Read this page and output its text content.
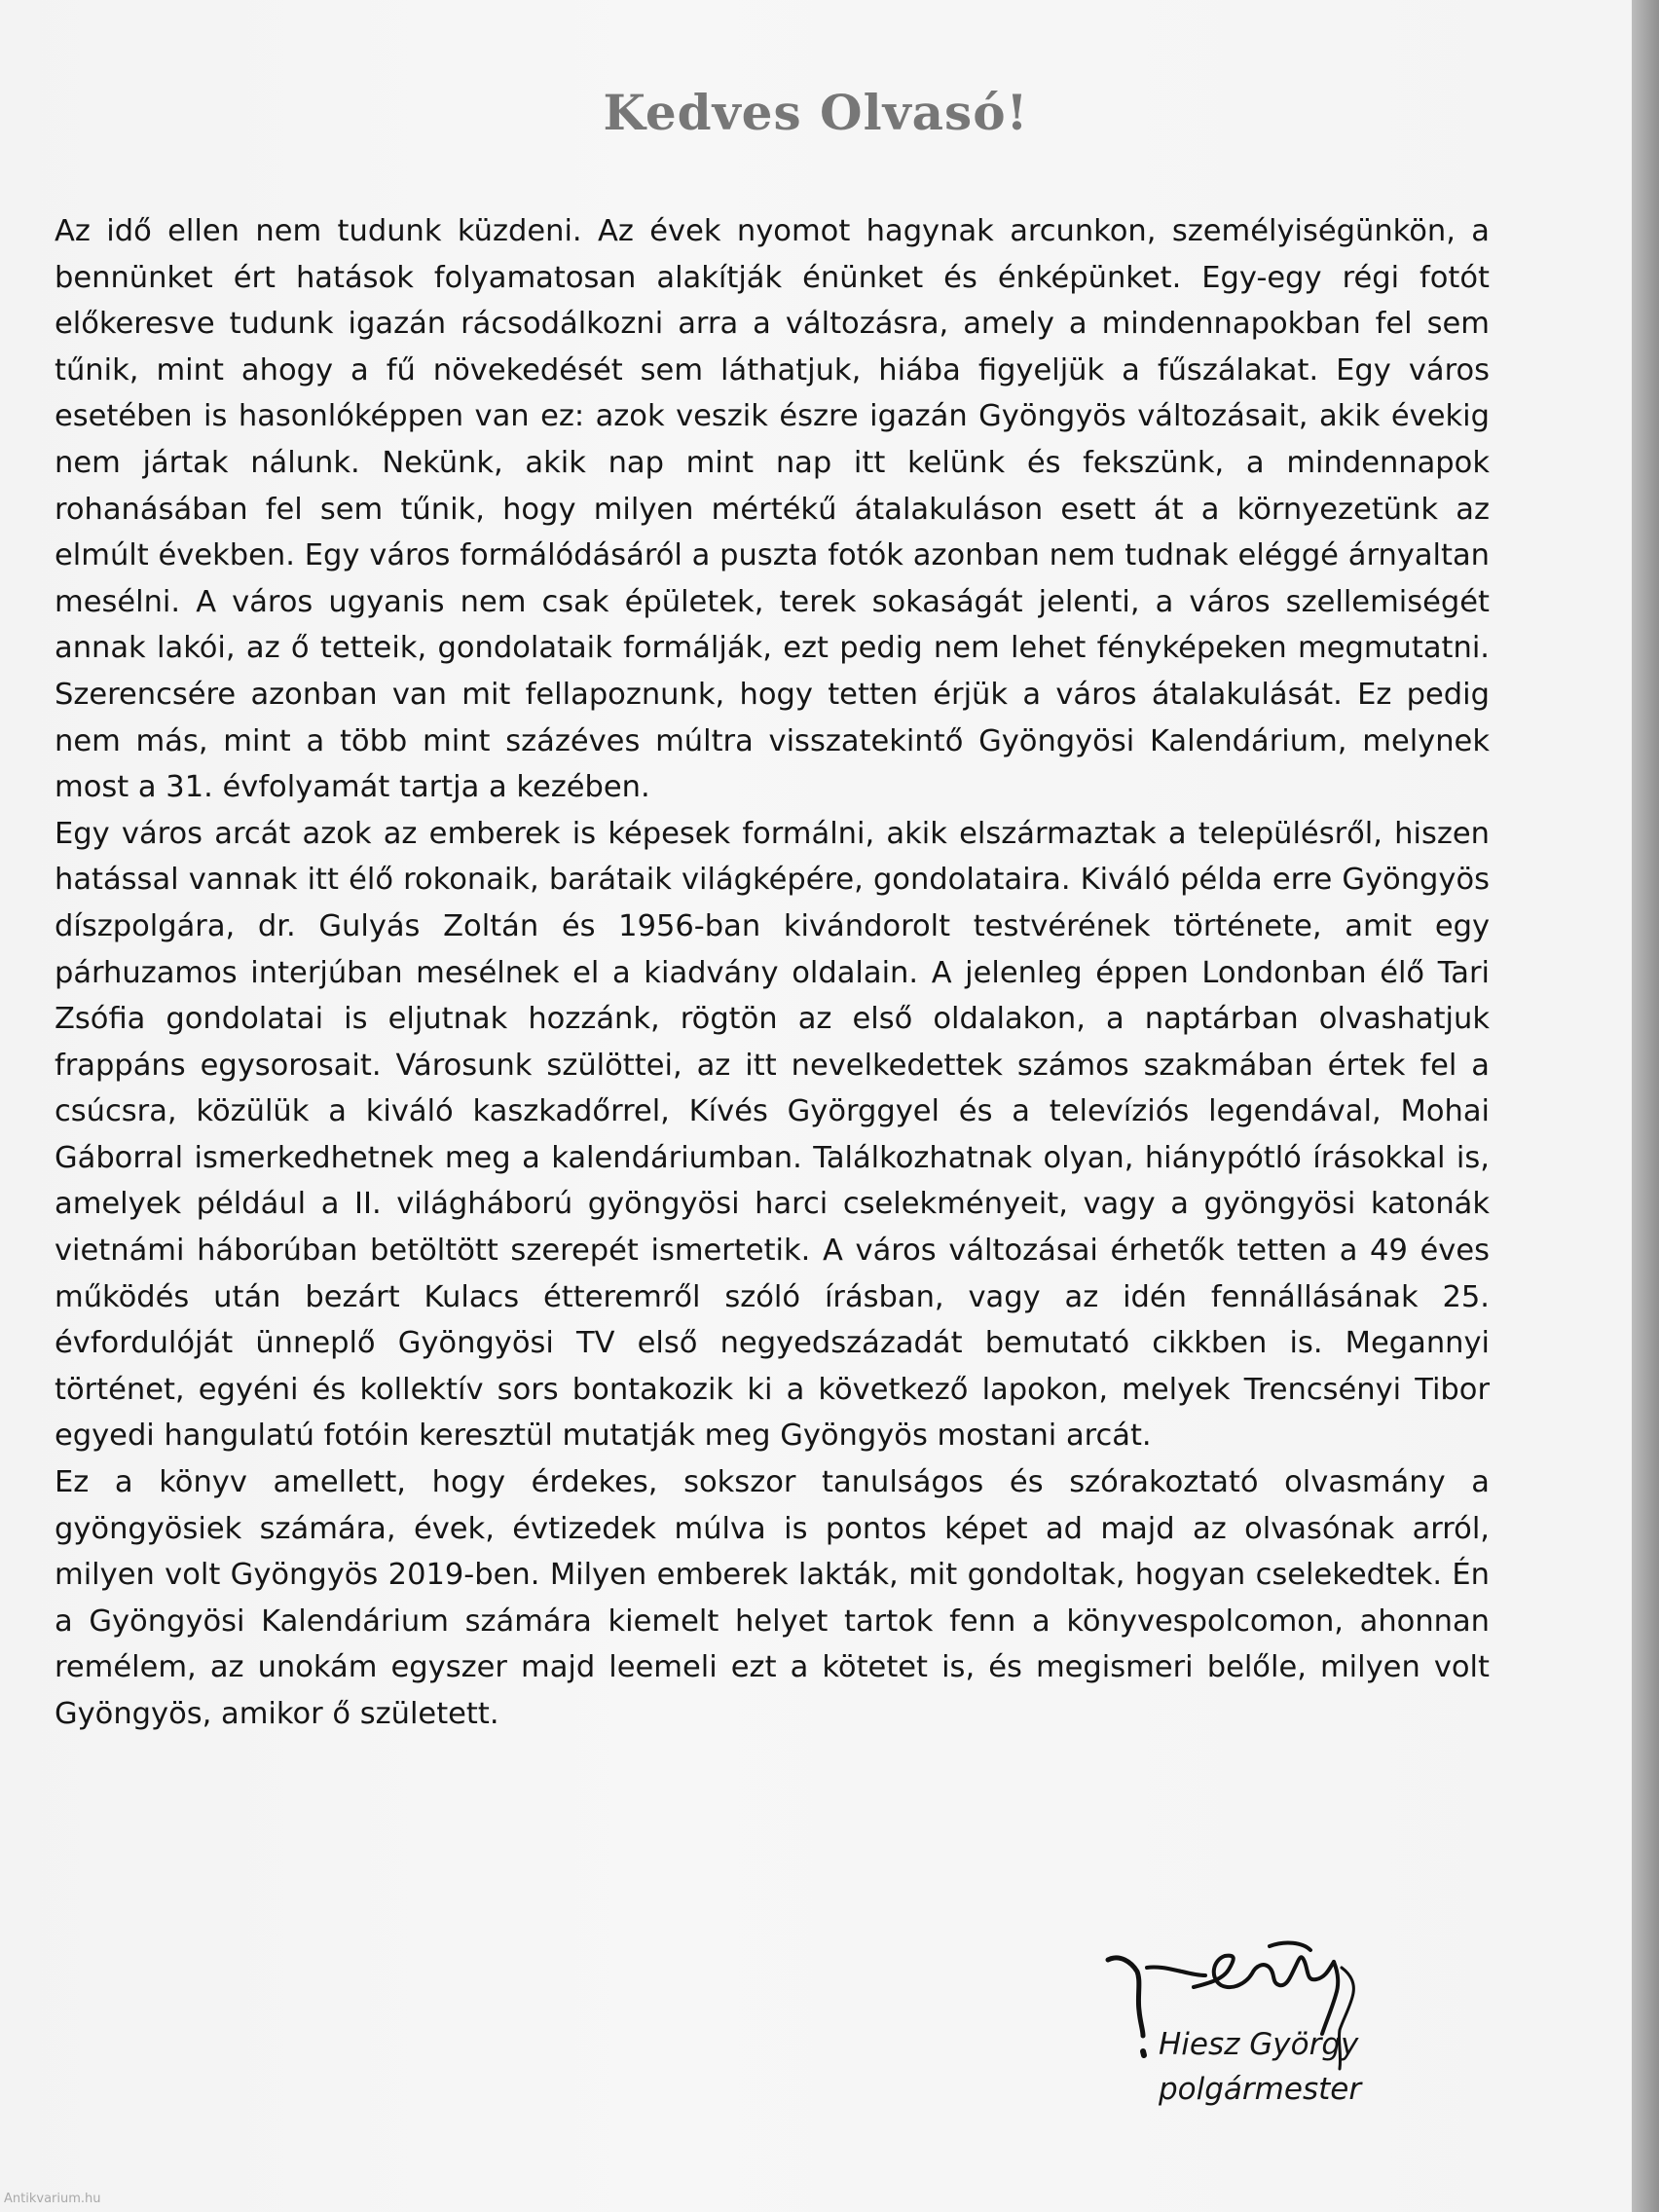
Kedves Olvasó!

Az idő ellen nem tudunk küzdeni. Az évek nyomot hagynak arcunkon, személyiségünkön, a bennünket ért hatások folyamatosan alakítják énünket és énképünket. Egy-egy régi fotót előkeresve tudunk igazán rácsodálkozni arra a változásra, amely a mindennapokban fel sem tűnik, mint ahogy a fű növekedését sem láthatjuk, hiába figyeljük a fűszálakat. Egy város esetében is hasonlóképpen van ez: azok veszik észre igazán Gyöngyös változásait, akik évekig nem jártak nálunk. Nekünk, akik nap mint nap itt kelünk és fekszünk, a mindennapok rohanásában fel sem tűnik, hogy milyen mértékű átalakuláson esett át a környezetünk az elmúlt években. Egy város formálódásáról a puszta fotók azonban nem tudnak eléggé árnyaltan mesélni. A város ugyanis nem csak épületek, terek sokaságát jelenti, a város szellemiségét annak lakói, az ő tetteik, gondolataik formálják, ezt pedig nem lehet fényképeken megmutatni. Szerencsére azonban van mit fellapoznunk, hogy tetten érjük a város átalakulását. Ez pedig nem más, mint a több mint százéves múltra visszatekintő Gyöngyösi Kalendárium, melynek most a 31. évfolyamát tartja a kezében.

Egy város arcát azok az emberek is képesek formálni, akik elszármaztak a településről, hiszen hatással vannak itt élő rokonaik, barátaik világképére, gondolataira. Kiváló példa erre Gyöngyös díszpolgára, dr. Gulyás Zoltán és 1956-ban kivándorolt testvérének története, amit egy párhuzamos interjúban mesélnek el a kiadvány oldalain. A jelenleg éppen Londonban élő Tari Zsófia gondolatai is eljutnak hozzánk, rögtön az első oldalakon, a naptárban olvashatjuk frappáns egysorosait. Városunk szülöttei, az itt nevelkedettek számos szakmában értek fel a csúcsra, közülük a kiváló kaszkadőrrel, Kívés Györggyel és a televíziós legendával, Mohai Gáborral ismerkedhetnek meg a kalendáriumban. Találkozhatnak olyan, hiánypótló írásokkal is, amelyek például a II. világháború gyöngyösi harci cselekményeit, vagy a gyöngyösi katonák vietnámi háborúban betöltött szerepét ismertetik. A város változásai érhetők tetten a 49 éves működés után bezárt Kulacs étteremről szóló írásban, vagy az idén fennállásának 25. évfordulóját ünneplő Gyöngyösi TV első negyedszázadát bemutató cikkben is. Megannyi történet, egyéni és kollektív sors bontakozik ki a következő lapokon, melyek Trencsényi Tibor egyedi hangulatú fotóin keresztül mutatják meg Gyöngyös mostani arcát.

Ez a könyv amellett, hogy érdekes, sokszor tanulságos és szórakoztató olvasmány a gyöngyösiek számára, évek, évtizedek múlva is pontos képet ad majd az olvasónak arról, milyen volt Gyöngyös 2019-ben. Milyen emberek lakták, mit gondoltak, hogyan cselekedtek. Én a Gyöngyösi Kalendárium számára kiemelt helyet tartok fenn a könyvespolcomon, ahonnan remélem, az unokám egyszer majd leemeli ezt a kötetet is, és megismeri belőle, milyen volt Gyöngyös, amikor ő született.

Hiesz György
polgármester
Antikvarium.hu
